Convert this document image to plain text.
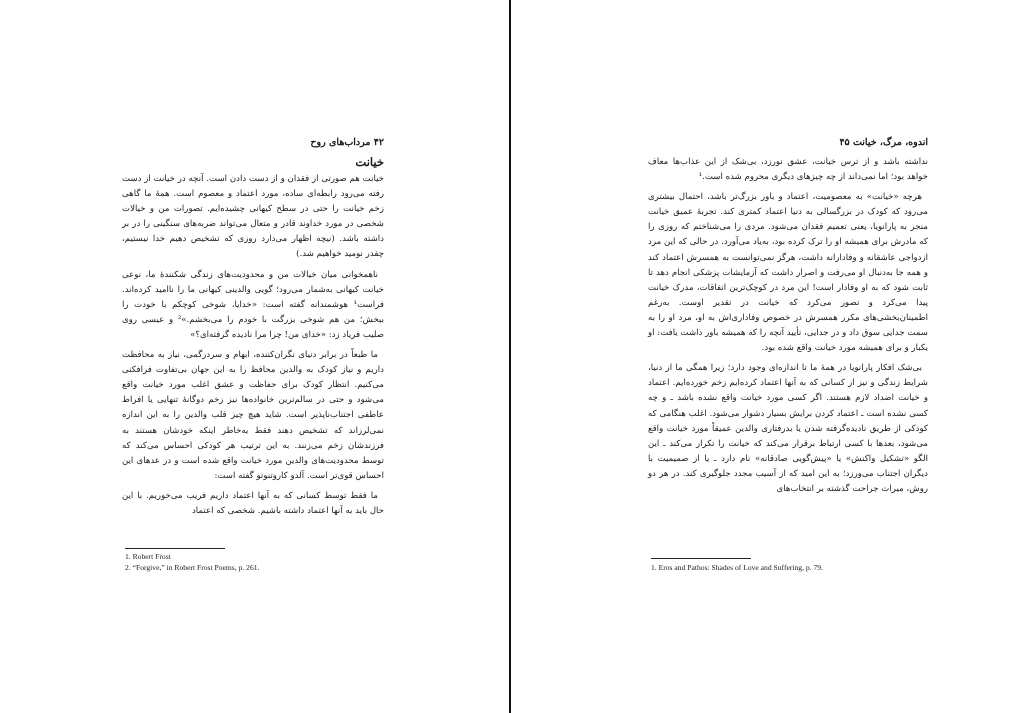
۴۲ مرداب‌های روح
خیانت

خیانت هم صورتی از فقدان و از دست دادن است. آنچه در خیانت از دست رفته می‌رود رابطه‌ای ساده، مورد اعتماد و معصوم است. همهٔ ما گاهی زخم خیانت را حتی در سطح کیهانی چشیده‌ایم. تصورات من و خیالات شخصی در مورد خداوند قادر و متعال می‌تواند ضربه‌های سنگینی را در بر داشته باشد. (نیچه اظهار می‌دارد روزی که تشخیص دهیم خدا نیستیم، چقدر نومید خواهیم شد.)

ناهمخوانی میان خیالات من و محدودیت‌های زندگی شکنندهٔ ما، نوعی خیانت کیهانی به‌شمار می‌رود؛ گویی والدینی کیهانی ما را ناامید کرده‌اند. فراست¹ هوشمندانه گفته است: «خدایا، شوخی کوچکم با خودت را ببخش؛ من هم شوخی بزرگت با خودم را می‌بخشم.»² و عیسی روی صلیب فریاد زد: «خدای من! چرا مرا نادیده گرفته‌ای؟»

ما طبعاً در برابر دنیای نگران‌کننده، ابهام و سردرگمی، نیاز به محافظت داریم و نیاز کودک به والدین محافظ را به این جهان بی‌تفاوت فرافکنی می‌کنیم. انتظار کودک برای حفاظت و عشق اغلب مورد خیانت واقع می‌شود و حتی در سالم‌ترین خانواده‌ها نیز زخم دوگانهٔ تنهایی یا افراط عاطفی اجتناب‌ناپذیر است. شاید هیچ چیز قلب والدین را به این اندازه نمی‌لرزاند که تشخیص دهند فقط به‌خاطر اینکه خودشان هستند به فرزندشان زخم می‌زنند. به این ترتیب هر کودکی احساس می‌کند که توسط محدودیت‌های والدین مورد خیانت واقع شده است و در عدهای این احساس قوی‌تر است. آلدو کاروتنوتو گفته است:

ما فقط توسط کسانی که به آنها اعتماد داریم فریب می‌خوریم. با این حال باید به آنها اعتماد داشته باشیم. شخصی که اعتماد

1. Robert Frost
2. “Forgive,” in Robert Frost Poems, p. 261.
اندوه، مرگ، خیانت ۴۵

نداشته باشد و از ترس خیانت، عشق نورزد، بی‌شک از این عذاب‌ها معاف خواهد بود؛ اما نمی‌داند از چه چیزهای دیگری محروم شده است.¹

هرچه «خیانت» به معصومیت، اعتماد و باور بزرگ‌تر باشد، احتمال بیشتری می‌رود که کودک در بزرگسالی به دنیا اعتماد کمتری کند. تجربهٔ عمیق خیانت منجر به پارانویا، یعنی تعمیم فقدان می‌شود. مردی را می‌شناختم که روزی را که مادرش برای همیشه او را ترک کرده بود، به‌یاد می‌آورد. در حالی که این مرد ازدواجی عاشقانه و وفادارانه داشت، هرگز نمی‌توانست به همسرش اعتماد کند و همه جا به‌دنبال او می‌رفت و اصرار داشت که آزمایشات پزشکی انجام دهد تا ثابت شود که به او وفادار است! این مرد در کوچک‌ترین اتفاقات، مدرک خیانت پیدا می‌کرد و تصور می‌کرد که خیانت در تقدیر اوست. به‌رغم اطمینان‌بخشی‌های مکرر همسرش در خصوص وفاداری‌اش به او، مرد او را به سمت جدایی سوق داد و در جدایی، تأیید آنچه را که همیشه باور داشت یافت: او یکبار و برای همیشه مورد خیانت واقع شده بود.

بی‌شک افکار پارانویا در همهٔ ما تا اندازه‌ای وجود دارد؛ زیرا همگی ما از دنیا، شرایط زندگی و نیز از کسانی که به آنها اعتماد کرده‌ایم زخم خورده‌ایم. اعتماد و خیانت اضداد لازم هستند. اگر کسی مورد خیانت واقع نشده باشد ـ و چه کسی نشده است ـ اعتماد کردن برایش بسیار دشوار می‌شود. اغلب هنگامی که کودکی از طریق نادیده‌گرفته شدن یا بدرفتاری والدین عمیقاً مورد خیانت واقع می‌شود، بعدها با کسی ارتباط برقرار می‌کند که خیانت را تکرار می‌کند ـ این الگو «تشکیل واکنش» یا «پیش‌گویی صادقانه» نام دارد ـ یا از صمیمیت با دیگران اجتناب می‌ورزد؛ به این امید که از آسیب مجدد جلوگیری کند. در هر دو روش، میراث جراحت گذشته بر انتخاب‌های

1. Eros and Pathos: Shades of Love and Suffering, p. 79.
